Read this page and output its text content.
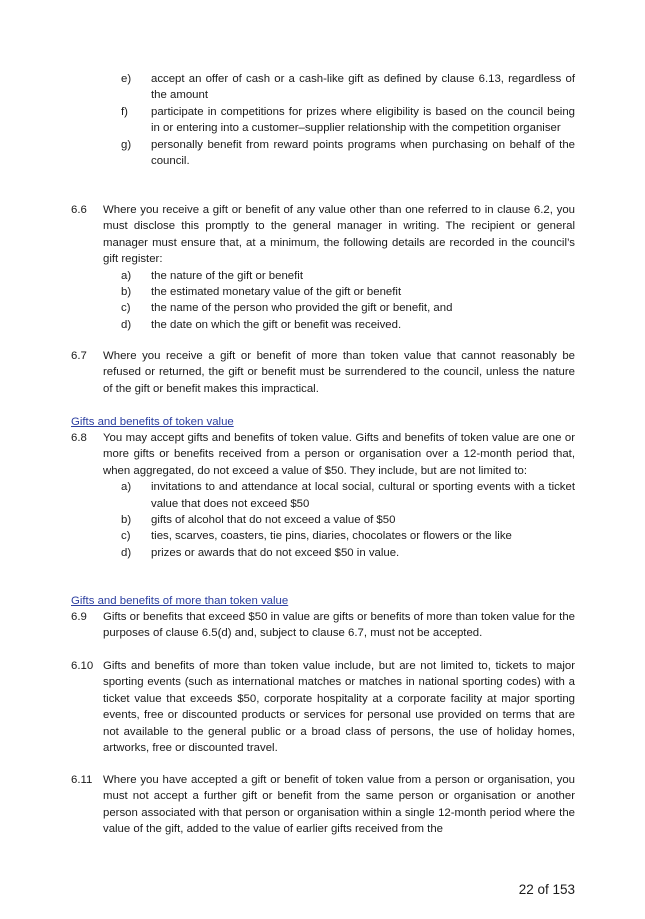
e)	accept an offer of cash or a cash-like gift as defined by clause 6.13, regardless of the amount
f)	participate in competitions for prizes where eligibility is based on the council being in or entering into a customer–supplier relationship with the competition organiser
g)	personally benefit from reward points programs when purchasing on behalf of the council.
6.6	Where you receive a gift or benefit of any value other than one referred to in clause 6.2, you must disclose this promptly to the general manager in writing. The recipient or general manager must ensure that, at a minimum, the following details are recorded in the council’s gift register:
a)	the nature of the gift or benefit
b)	the estimated monetary value of the gift or benefit
c)	the name of the person who provided the gift or benefit, and
d)	the date on which the gift or benefit was received.
6.7	Where you receive a gift or benefit of more than token value that cannot reasonably be refused or returned, the gift or benefit must be surrendered to the council, unless the nature of the gift or benefit makes this impractical.
Gifts and benefits of token value
6.8	You may accept gifts and benefits of token value. Gifts and benefits of token value are one or more gifts or benefits received from a person or organisation over a 12-month period that, when aggregated, do not exceed a value of $50. They include, but are not limited to:
a)	invitations to and attendance at local social, cultural or sporting events with a ticket value that does not exceed $50
b)	gifts of alcohol that do not exceed a value of $50
c)	ties, scarves, coasters, tie pins, diaries, chocolates or flowers or the like
d)	prizes or awards that do not exceed $50 in value.
Gifts and benefits of more than token value
6.9	Gifts or benefits that exceed $50 in value are gifts or benefits of more than token value for the purposes of clause 6.5(d) and, subject to clause 6.7, must not be accepted.
6.10 Gifts and benefits of more than token value include, but are not limited to, tickets to major sporting events (such as international matches or matches in national sporting codes) with a ticket value that exceeds $50, corporate hospitality at a corporate facility at major sporting events, free or discounted products or services for personal use provided on terms that are not available to the general public or a broad class of persons, the use of holiday homes, artworks, free or discounted travel.
6.11 Where you have accepted a gift or benefit of token value from a person or organisation, you must not accept a further gift or benefit from the same person or organisation or another person associated with that person or organisation within a single 12-month period where the value of the gift, added to the value of earlier gifts received from the
22 of 153
